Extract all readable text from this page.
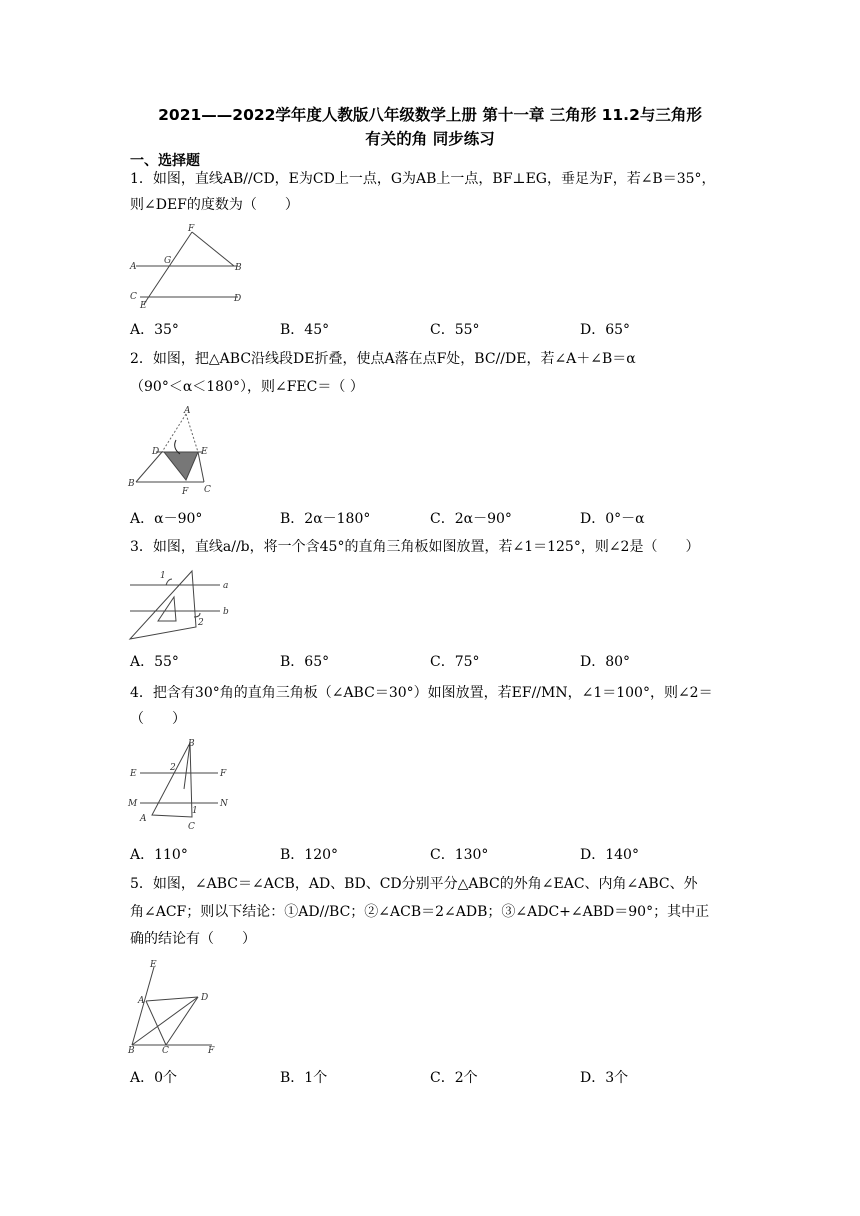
2021——2022学年度人教版八年级数学上册 第十一章 三角形 11.2与三角形
有关的角 同步练习
一、选择题
1．如图，直线AB//CD，E为CD上一点，G为AB上一点，BF⊥EG，垂足为F，若∠B＝35°，
则∠DEF的度数为（　　）
F
A
G
B
C
E
D
A．35°	B．45°	C．55°	D．65°
2．如图，把△ABC沿线段DE折叠，使点A落在点F处，BC//DE，若∠A＋∠B＝α
（90°＜α＜180°），则∠FEC＝（ ）
A
D	E
B
F C
A．α－90°	B．2α－180°	C．2α－90°	D．0°－α
3．如图，直线a//b，将一个含45°的直角三角板如图放置，若∠1＝125°，则∠2是（　　）
1
a
b
2
A．55°	B．65°	C．75°	D．80°
4．把含有30°角的直角三角板（∠ABC＝30°）如图放置，若EF//MN，∠1＝100°，则∠2＝
（　　）
B
2
E	F
M	N
1
A
C
A．110°	B．120°	C．130°	D．140°
5．如图，∠ABC＝∠ACB，AD、BD、CD分别平分△ABC的外角∠EAC、内角∠ABC、外
角∠ACF；则以下结论：①AD//BC；②∠ACB＝2∠ADB；③∠ADC+∠ABD＝90°；其中正
确的结论有（　　）
E
A	D
B	C	F
A．0个	B．1个	C．2个	D．3个
